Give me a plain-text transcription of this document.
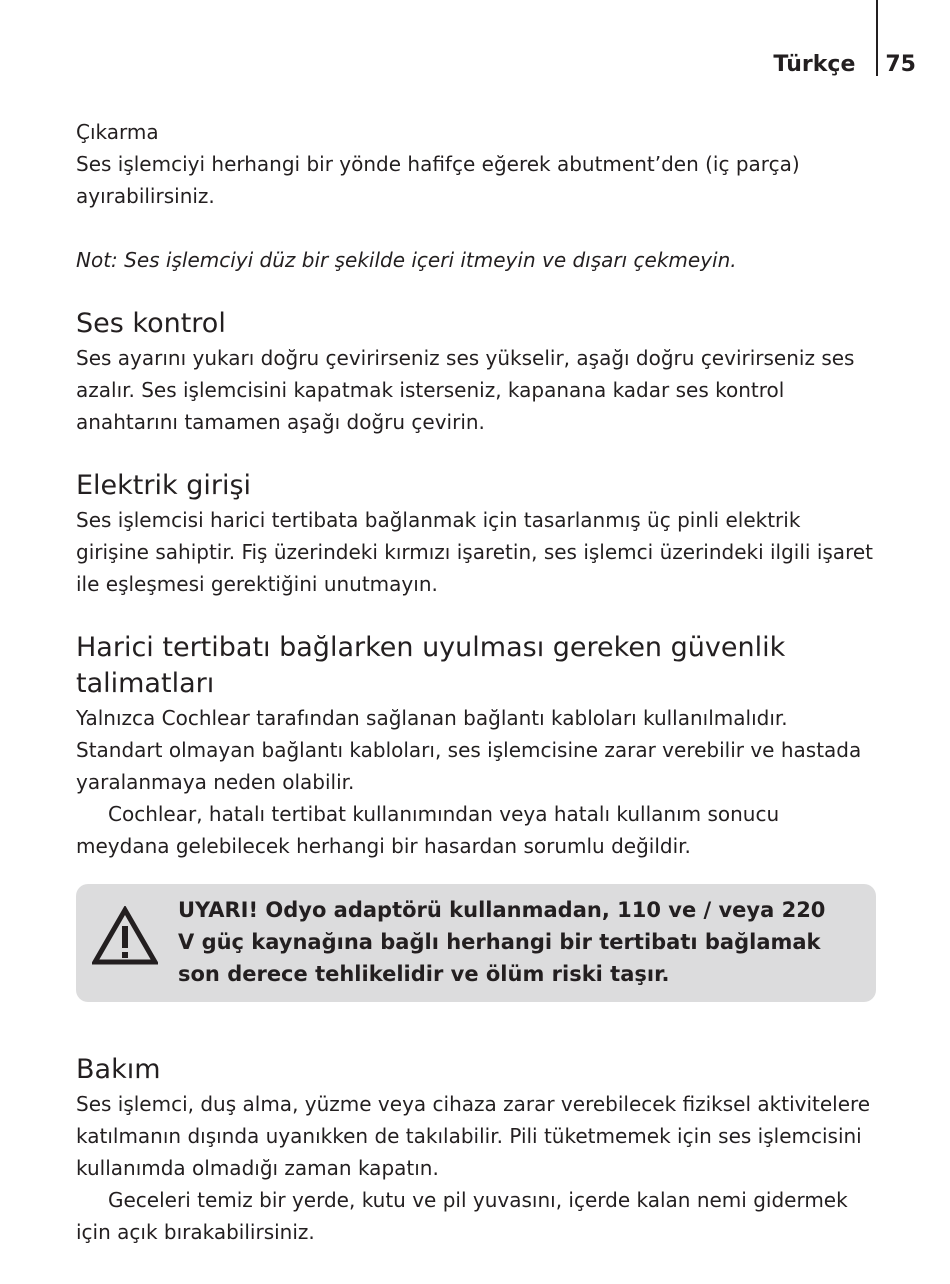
Türkçe 75

Çıkarma

Ses işlemciyi herhangi bir yönde hafifçe eğerek abutment’den (iç parça) ayırabilirsiniz.

Not: Ses işlemciyi düz bir şekilde içeri itmeyin ve dışarı çekmeyin.

Ses kontrol

Ses ayarını yukarı doğru çevirirseniz ses yükselir, aşağı doğru çevirirseniz ses azalır. Ses işlemcisini kapatmak isterseniz, kapanana kadar ses kontrol anahtarını tamamen aşağı doğru çevirin.

Elektrik girişi

Ses işlemcisi harici tertibata bağlanmak için tasarlanmış üç pinli elektrik girişine sahiptir. Fiş üzerindeki kırmızı işaretin, ses işlemci üzerindeki ilgili işaret ile eşleşmesi gerektiğini unutmayın.

Harici tertibatı bağlarken uyulması gereken güvenlik talimatları

Yalnızca Cochlear tarafından sağlanan bağlantı kabloları kullanılmalıdır. Standart olmayan bağlantı kabloları, ses işlemcisine zarar verebilir ve hastada yaralanmaya neden olabilir.

Cochlear, hatalı tertibat kullanımından veya hatalı kullanım sonucu meydana gelebilecek herhangi bir hasardan sorumlu değildir.

UYARI! Odyo adaptörü kullanmadan, 110 ve / veya 220 V güç kaynağına bağlı herhangi bir tertibatı bağlamak son derece tehlikelidir ve ölüm riski taşır.
Bakım

Ses işlemci, duş alma, yüzme veya cihaza zarar verebilecek fiziksel aktivitelere katılmanın dışında uyanıkken de takılabilir. Pili tüketmemek için ses işlemcisini kullanımda olmadığı zaman kapatın.

Geceleri temiz bir yerde, kutu ve pil yuvasını, içerde kalan nemi gidermek için açık bırakabilirsiniz.
